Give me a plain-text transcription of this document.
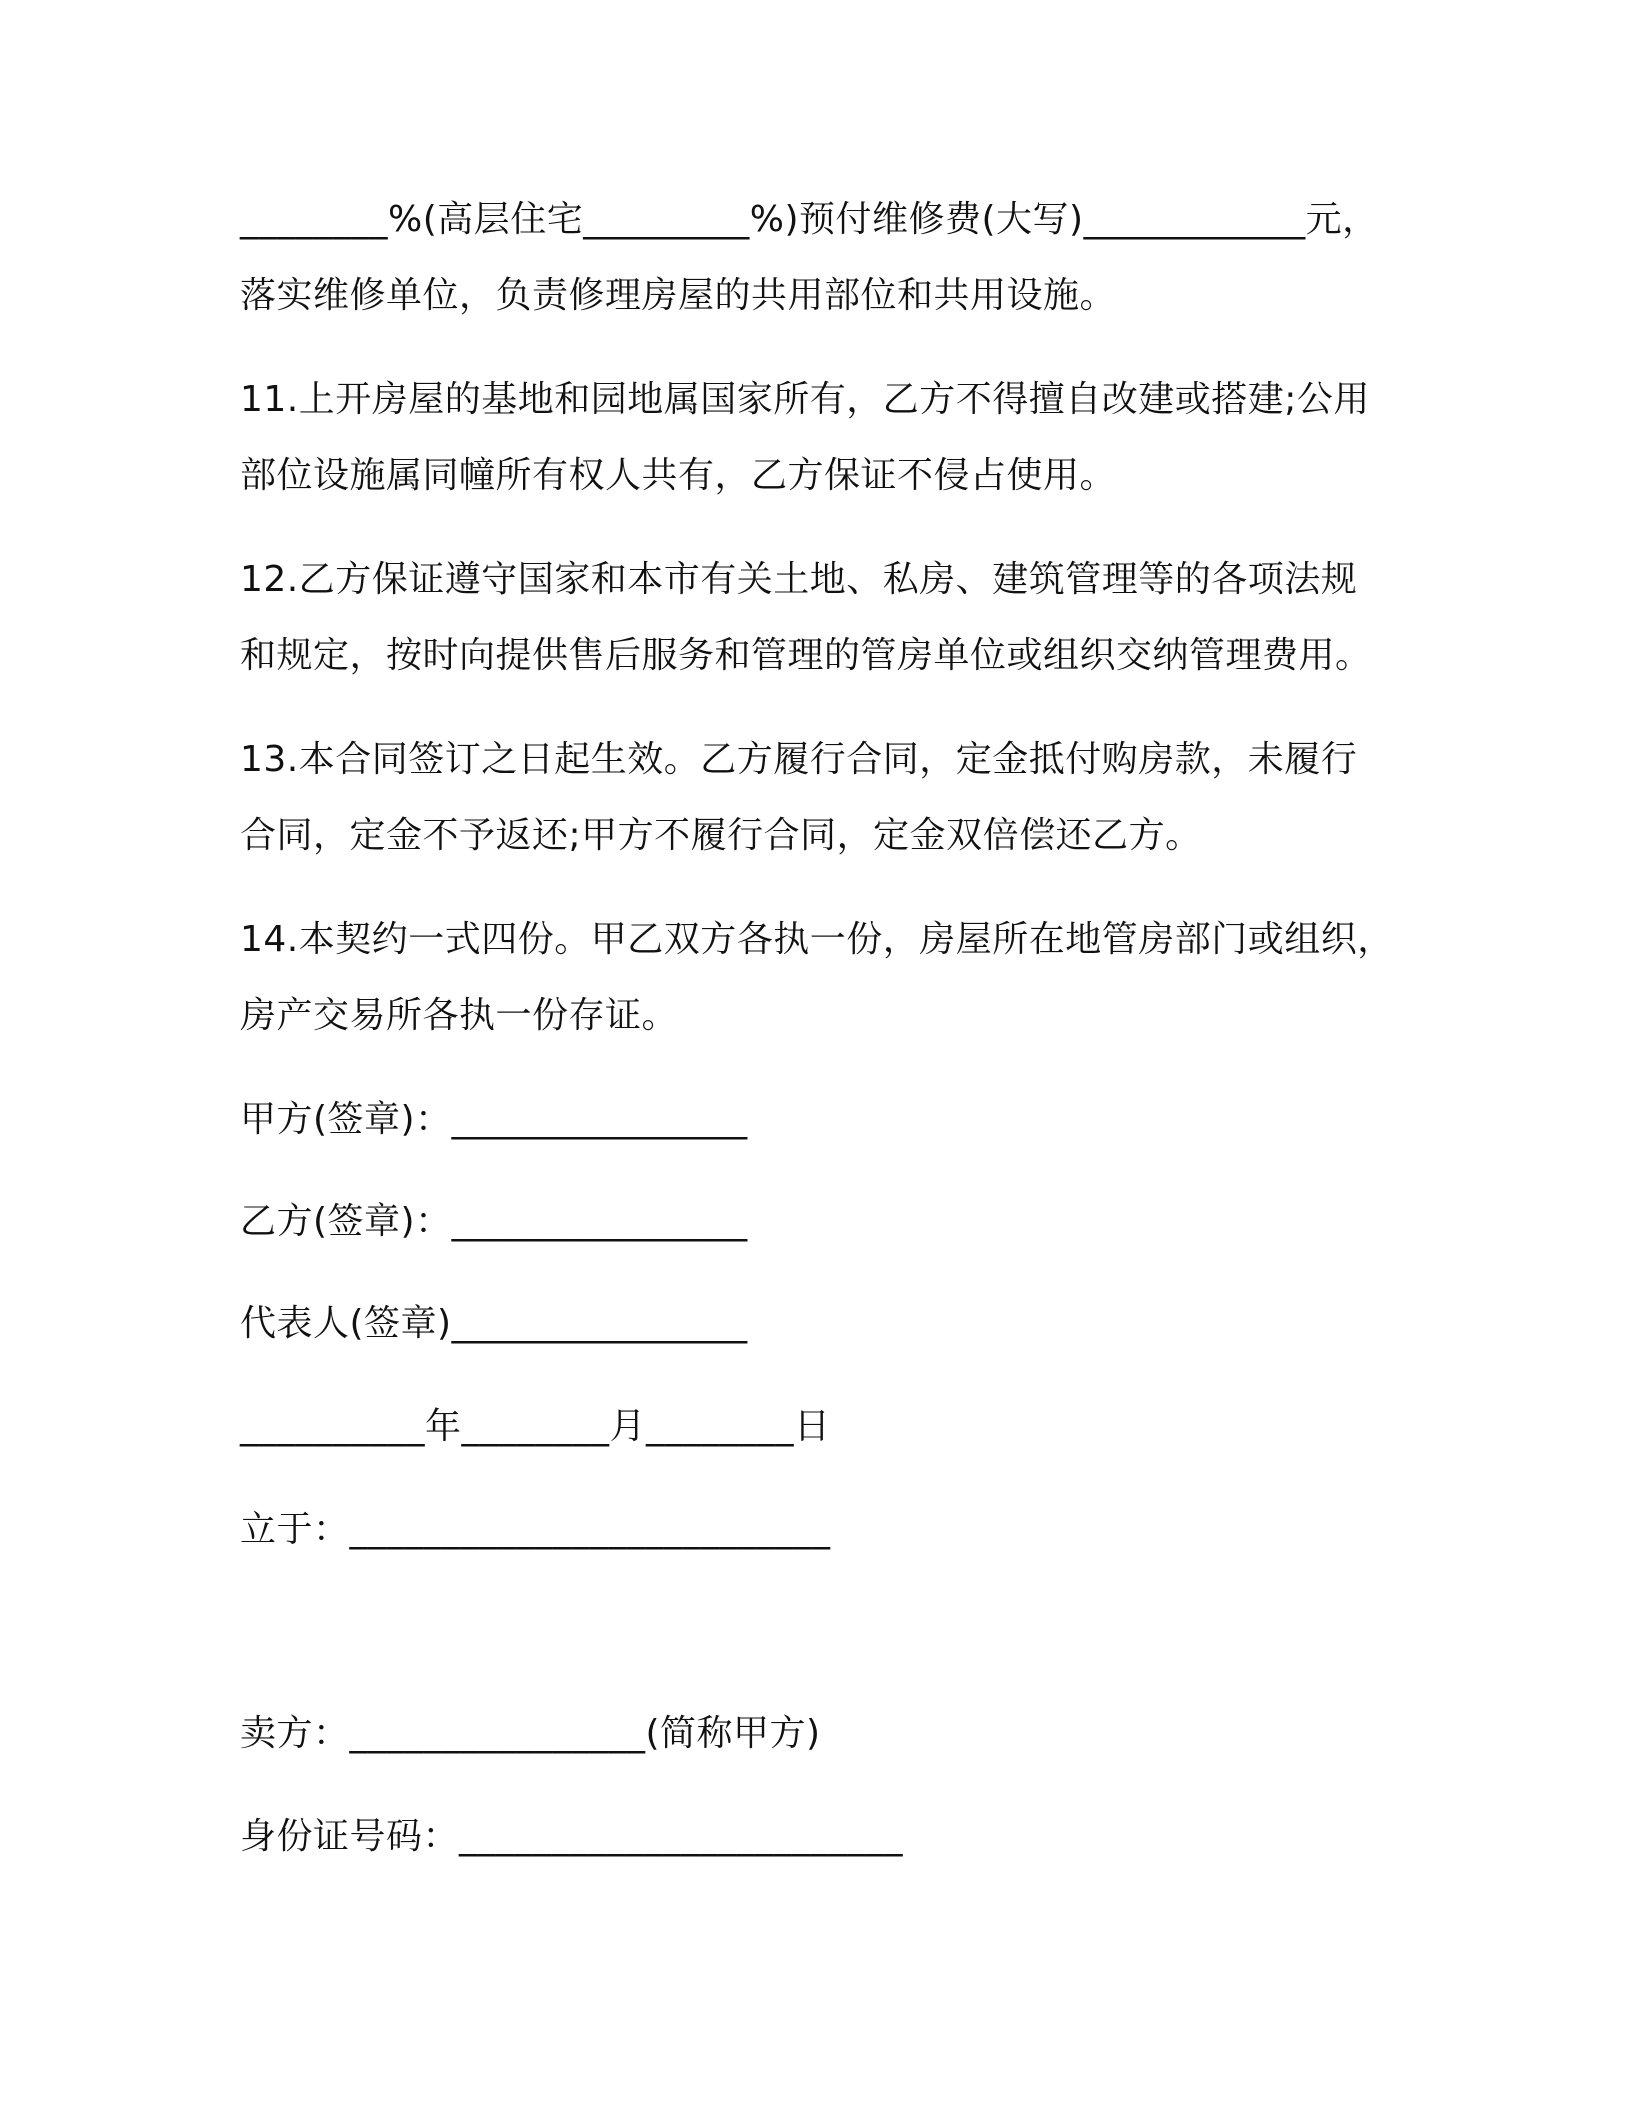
________%(高层住宅_________%)预付维修费(大写)____________元，
落实维修单位，负责修理房屋的共用部位和共用设施。
11.上开房屋的基地和园地属国家所有，乙方不得擅自改建或搭建;公用
部位设施属同幢所有权人共有，乙方保证不侵占使用。
12.乙方保证遵守国家和本市有关土地、私房、建筑管理等的各项法规
和规定，按时向提供售后服务和管理的管房单位或组织交纳管理费用。
13.本合同签订之日起生效。乙方履行合同，定金抵付购房款，未履行
合同，定金不予返还;甲方不履行合同，定金双倍偿还乙方。
14.本契约一式四份。甲乙双方各执一份，房屋所在地管房部门或组织，
房产交易所各执一份存证。
甲方(签章)：________________
乙方(签章)：________________
代表人(签章)________________
__________年________月________日
立于：__________________________
卖方：________________(简称甲方)
身份证号码：________________________
